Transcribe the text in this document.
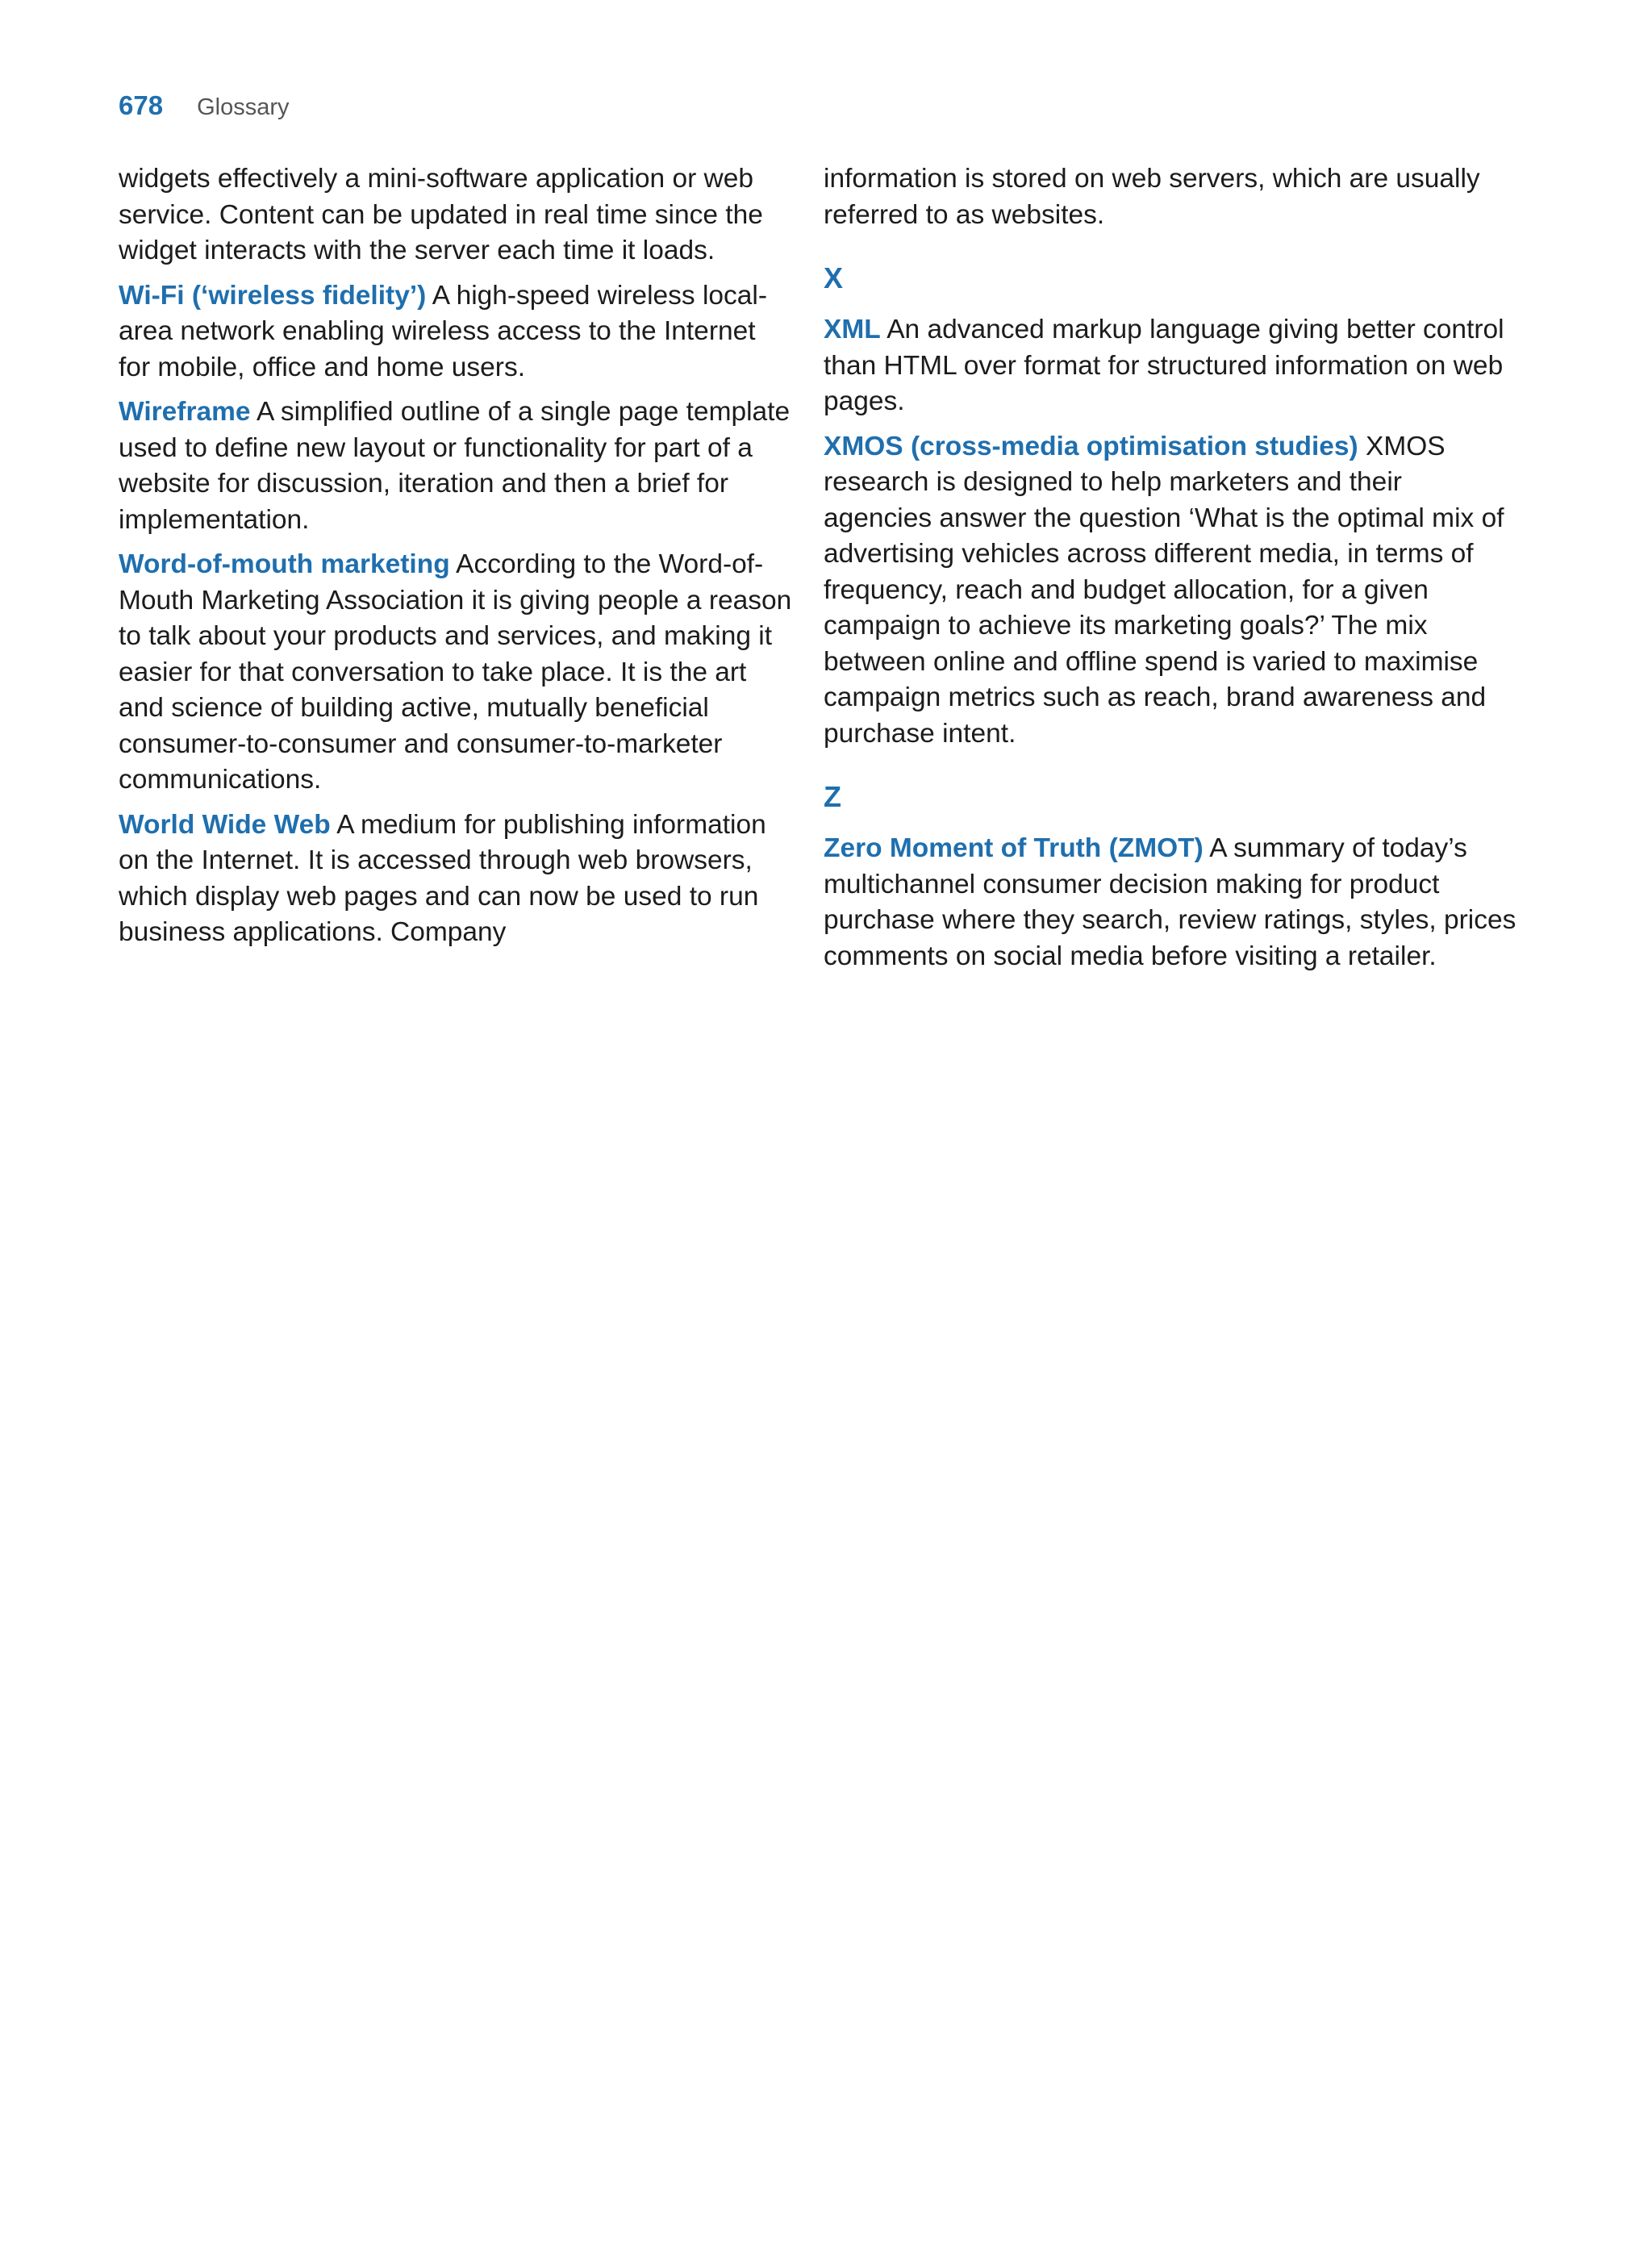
678 Glossary

widgets effectively a mini-software application or web service. Content can be updated in real time since the widget interacts with the server each time it loads.

Wi-Fi (‘wireless fidelity’) A high-speed wireless local-area network enabling wireless access to the Internet for mobile, office and home users.

Wireframe A simplified outline of a single page template used to define new layout or functionality for part of a website for discussion, iteration and then a brief for implementation.

Word-of-mouth marketing According to the Word-of-Mouth Marketing Association it is giving people a reason to talk about your products and services, and making it easier for that conversation to take place. It is the art and science of building active, mutually beneficial consumer-to-consumer and consumer-to-marketer communications.

World Wide Web A medium for publishing information on the Internet. It is accessed through web browsers, which display web pages and can now be used to run business applications. Company

information is stored on web servers, which are usually referred to as websites.

X

XML An advanced markup language giving better control than HTML over format for structured information on web pages.

XMOS (cross-media optimisation studies) XMOS research is designed to help marketers and their agencies answer the question ‘What is the optimal mix of advertising vehicles across different media, in terms of frequency, reach and budget allocation, for a given campaign to achieve its marketing goals?’ The mix between online and offline spend is varied to maximise campaign metrics such as reach, brand awareness and purchase intent.

Z

Zero Moment of Truth (ZMOT) A summary of today’s multichannel consumer decision making for product purchase where they search, review ratings, styles, prices comments on social media before visiting a retailer.
